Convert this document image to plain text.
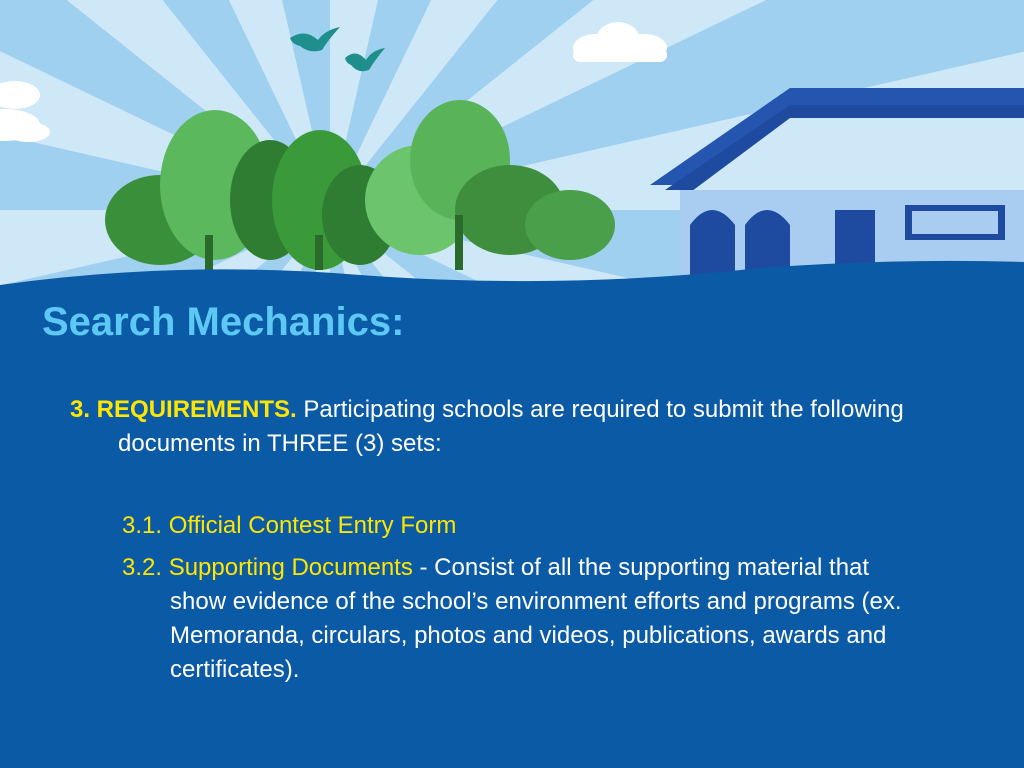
Search Mechanics:

3. REQUIREMENTS. Participating schools are required to submit the following documents in THREE (3) sets:

3.1. Official Contest Entry Form

3.2. Supporting Documents - Consist of all the supporting material that show evidence of the school’s environment efforts and programs (ex. Memoranda, circulars, photos and videos, publications, awards and certificates).
